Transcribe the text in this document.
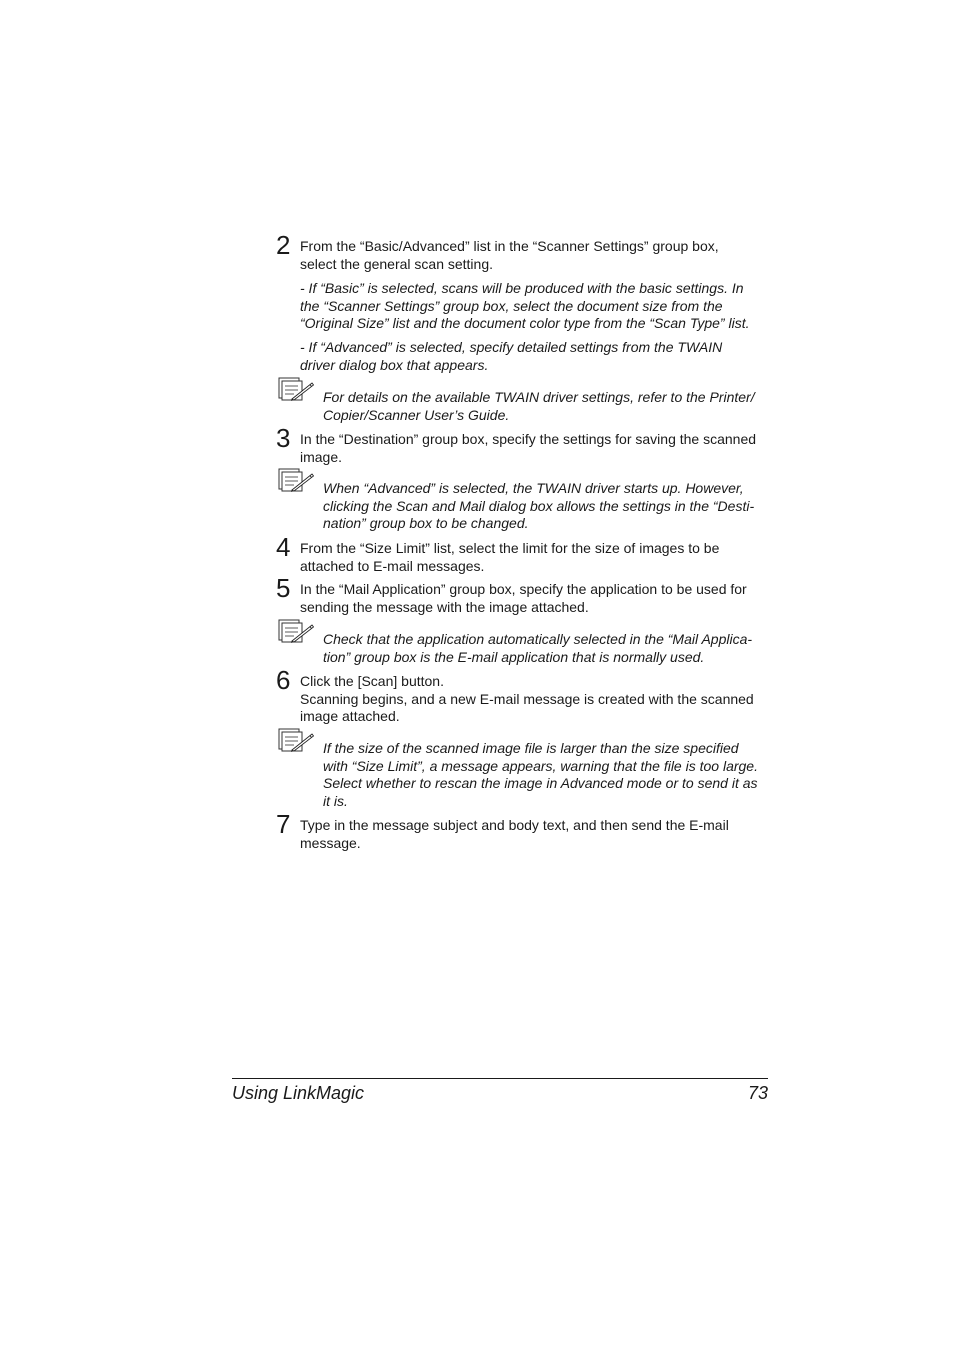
2 From the “Basic/Advanced” list in the “Scanner Settings” group box,

select the general scan setting.

- If “Basic” is selected, scans will be produced with the basic settings. In
the “Scanner Settings” group box, select the document size from the
“Original Size” list and the document color type from the “Scan Type” list.
- If “Advanced” is selected, specify detailed settings from the TWAIN
driver dialog box that appears.
For details on the available TWAIN driver settings, refer to the Printer/
Copier/Scanner User’s Guide.
3 In the “Destination” group box, specify the settings for saving the scanned

image.

When “Advanced” is selected, the TWAIN driver starts up. However,
clicking the Scan and Mail dialog box allows the settings in the “Desti-
nation” group box to be changed.
4 From the “Size Limit” list, select the limit for the size of images to be

attached to E-mail messages.

5 In the “Mail Application” group box, specify the application to be used for

sending the message with the image attached.

Check that the application automatically selected in the “Mail Applica-
tion” group box is the E-mail application that is normally used.
6 Click the [Scan] button.

Scanning begins, and a new E-mail message is created with the scanned

image attached.

If the size of the scanned image file is larger than the size specified
with “Size Limit”, a message appears, warning that the file is too large.
Select whether to rescan the image in Advanced mode or to send it as
it is.
7 Type in the message subject and body text, and then send the E-mail

message.

Using LinkMagic	73
